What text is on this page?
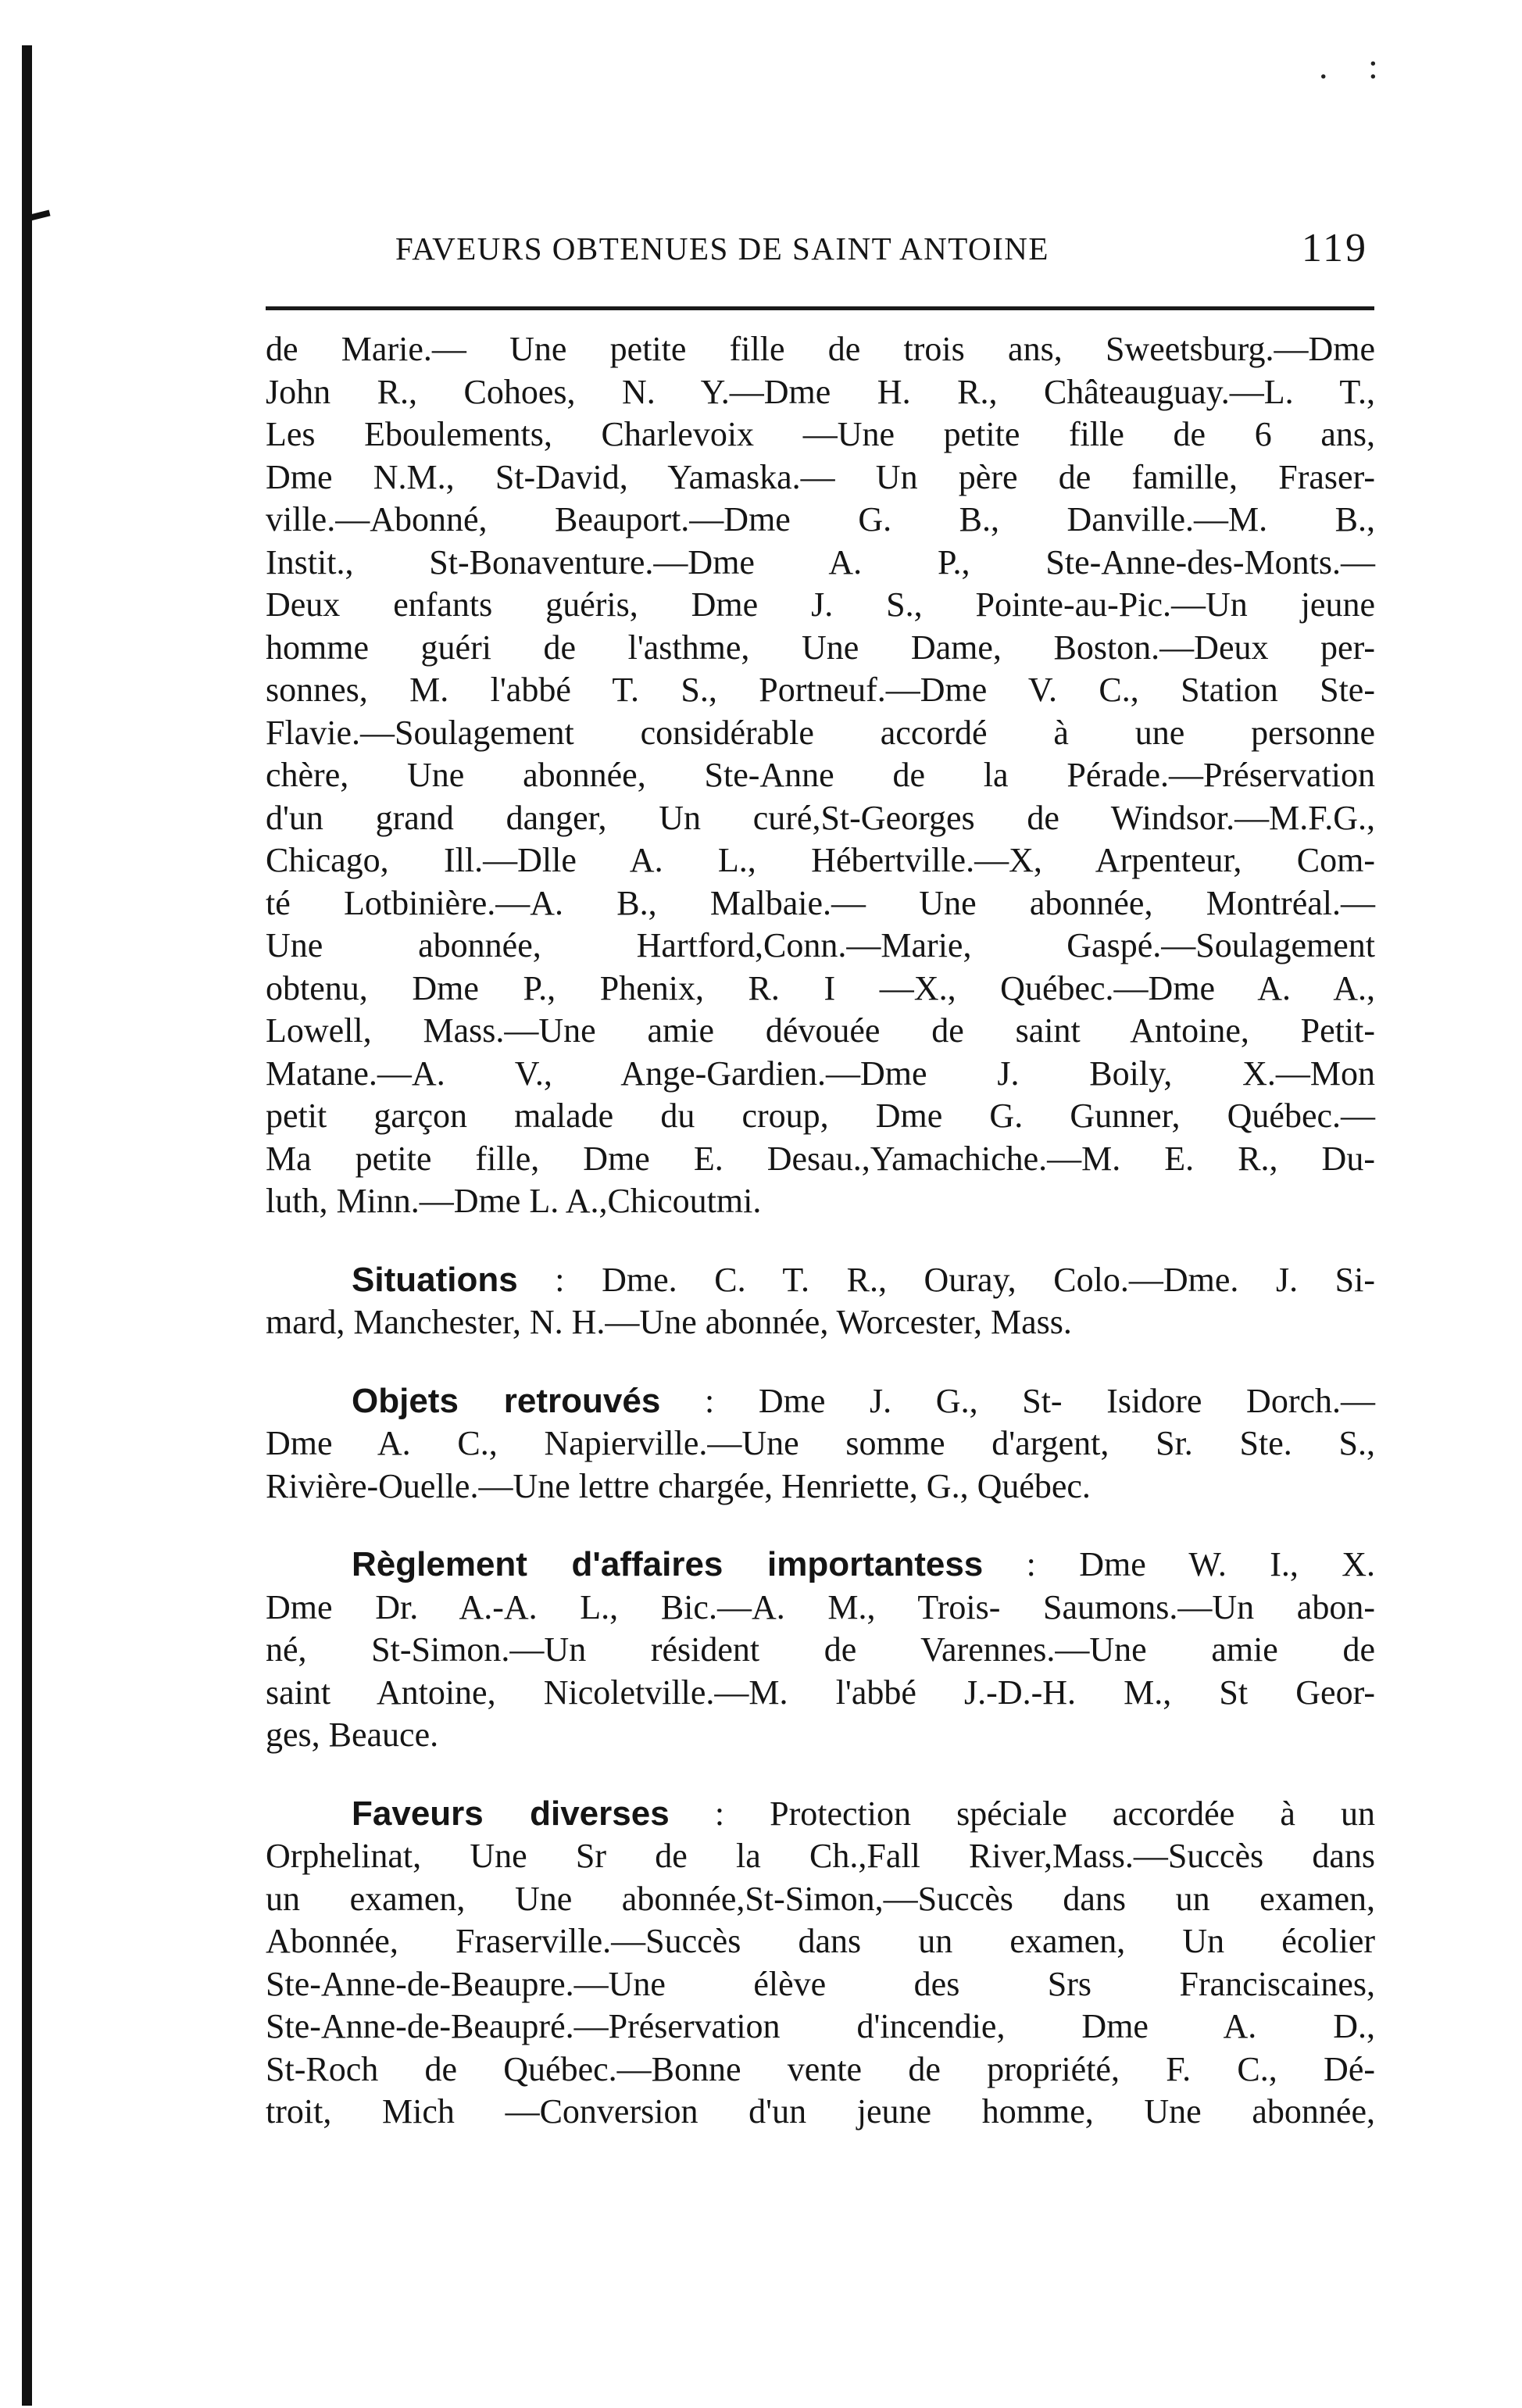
. :
FAVEURS OBTENUES DE SAINT ANTOINE	119
de Marie.— Une petite fille de trois ans, Sweetsburg.—Dme
John R., Cohoes, N. Y.—Dme H. R., Châteauguay.—L. T.,
Les Eboulements, Charlevoix —Une petite fille de 6 ans,
Dme N.M., St-David, Yamaska.— Un père de famille, Fraser-
ville.—Abonné, Beauport.—Dme G. B., Danville.—M. B.,
Instit., St-Bonaventure.—Dme A. P., Ste-Anne-des-Monts.—
Deux enfants guéris, Dme J. S., Pointe-au-Pic.—Un jeune
homme guéri de l'asthme, Une Dame, Boston.—Deux per-
sonnes, M. l'abbé T. S., Portneuf.—Dme V. C., Station Ste-
Flavie.—Soulagement considérable accordé à une personne
chère, Une abonnée, Ste-Anne de la Pérade.—Préservation
d'un grand danger, Un curé,St-Georges de Windsor.—M.F.G.,
Chicago, Ill.—Dlle A. L., Hébertville.—X, Arpenteur, Com-
té Lotbinière.—A. B., Malbaie.— Une abonnée, Montréal.—
Une abonnée, Hartford,Conn.—Marie, Gaspé.—Soulagement
obtenu, Dme P., Phenix, R. I —X., Québec.—Dme A. A.,
Lowell, Mass.—Une amie dévouée de saint Antoine, Petit-
Matane.—A. V., Ange-Gardien.—Dme J. Boily, X.—Mon
petit garçon malade du croup, Dme G. Gunner, Québec.—
Ma petite fille, Dme E. Desau.,Yamachiche.—M. E. R., Du-
luth, Minn.—Dme L. A.,Chicoutmi.
Situations : Dme. C. T. R., Ouray, Colo.—Dme. J. Si-
mard, Manchester, N. H.—Une abonnée, Worcester, Mass.
Objets retrouvés : Dme J. G., St- Isidore Dorch.—
Dme A. C., Napierville.—Une somme d'argent, Sr. Ste. S.,
Rivière-Ouelle.—Une lettre chargée, Henriette, G., Québec.
Règlement d'affaires importantess : Dme W. I., X.
Dme Dr. A.-A. L., Bic.—A. M., Trois- Saumons.—Un abon-
né, St-Simon.—Un résident de Varennes.—Une amie de
saint Antoine, Nicoletville.—M. l'abbé J.-D.-H. M., St Geor-
ges, Beauce.
Faveurs diverses : Protection spéciale accordée à un
Orphelinat, Une Sr de la Ch.,Fall River,Mass.—Succès dans
un examen, Une abonnée,St-Simon,—Succès dans un examen,
Abonnée, Fraserville.—Succès dans un examen, Un écolier
Ste-Anne-de-Beaupre.—Une élève des Srs Franciscaines,
Ste-Anne-de-Beaupré.—Préservation d'incendie, Dme A. D.,
St-Roch de Québec.—Bonne vente de propriété, F. C., Dé-
troit, Mich —Conversion d'un jeune homme, Une abonnée,
